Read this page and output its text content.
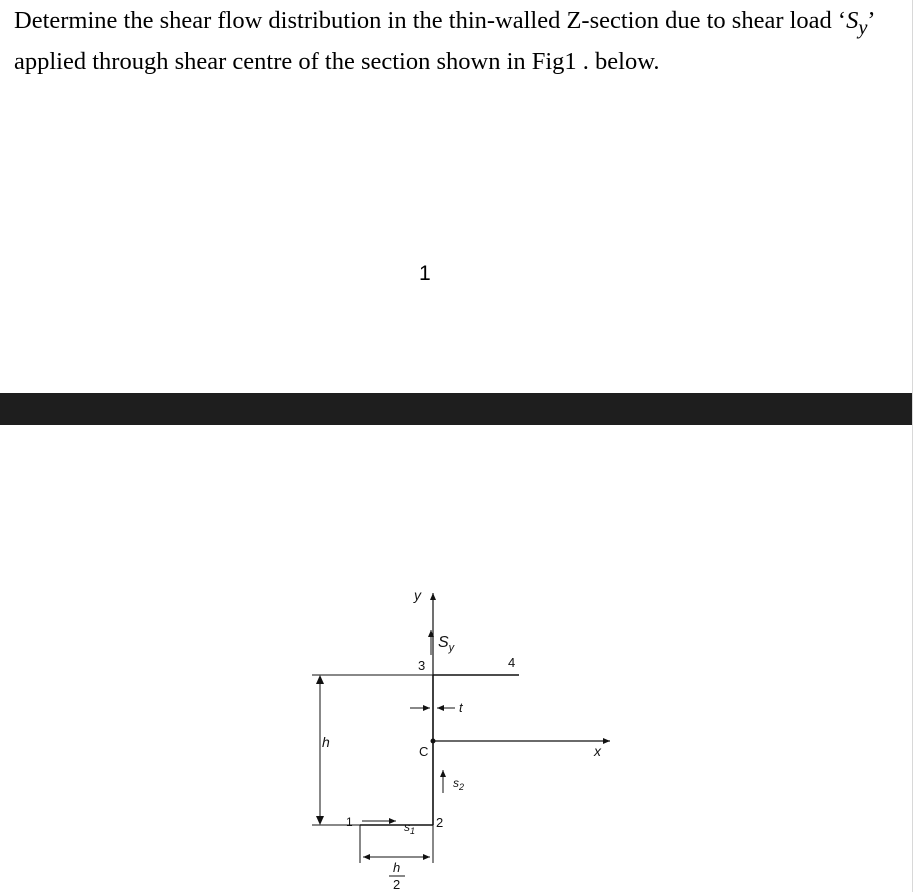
Determine the shear flow distribution in the thin-walled Z-section due to shear load ‘$S_y$’
applied through shear centre of the section shown in Fig1 . below.
1
y
$S_y$
3	4
t
h
C	x
$s_2$
1	$s_1$
2
h
2
